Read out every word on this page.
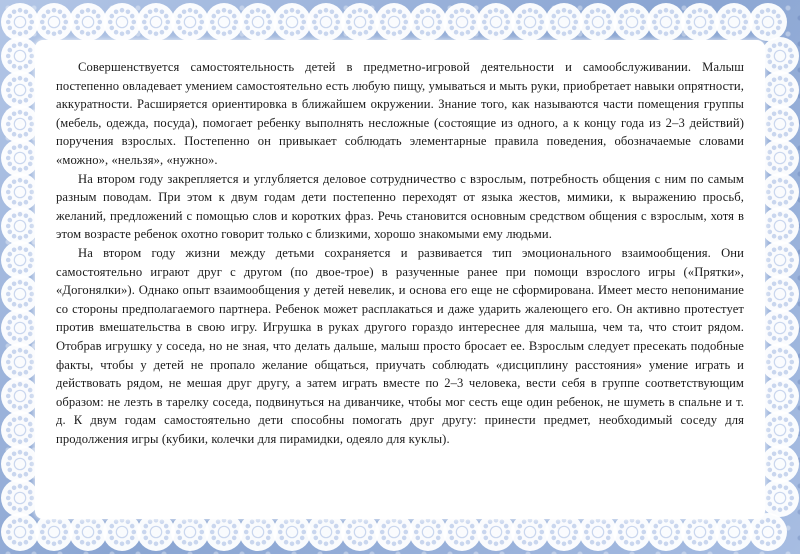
Совершенствуется самостоятельность детей в предметно-игровой деятельности и самообслуживании. Малыш постепенно овладевает умением самостоятельно есть любую пищу, умываться и мыть руки, приобретает навыки опрятности, аккуратности. Расширяется ориентировка в ближайшем окружении. Знание того, как называются части помещения группы (мебель, одежда, посуда), помогает ребенку выполнять несложные (состоящие из одного, а к концу года из 2–3 действий) поручения взрослых. Постепенно он привыкает соблюдать элементарные правила поведения, обозначаемые словами «можно», «нельзя», «нужно».

На втором году закрепляется и углубляется деловое сотрудничество с взрослым, потребность общения с ним по самым разным поводам. При этом к двум годам дети постепенно переходят от языка жестов, мимики, к выражению просьб, желаний, предложений с помощью слов и коротких фраз. Речь становится основным средством общения с взрослым, хотя в этом возрасте ребенок охотно говорит только с близкими, хорошо знакомыми ему людьми.

На втором году жизни между детьми сохраняется и развивается тип эмоционального взаимообщения. Они самостоятельно играют друг с другом (по двое-трое) в разученные ранее при помощи взрослого игры («Прятки», «Догонялки»). Однако опыт взаимообщения у детей невелик, и основа его еще не сформирована. Имеет место непонимание со стороны предполагаемого партнера. Ребенок может расплакаться и даже ударить жалеющего его. Он активно протестует против вмешательства в свою игру. Игрушка в руках другого гораздо интереснее для малыша, чем та, что стоит рядом. Отобрав игрушку у соседа, но не зная, что делать дальше, малыш просто бросает ее. Взрослым следует пресекать подобные факты, чтобы у детей не пропало желание общаться, приучать соблюдать «дисциплину расстояния» умение играть и действовать рядом, не мешая друг другу, а затем играть вместе по 2–3 человека, вести себя в группе соответствующим образом: не лезть в тарелку соседа, подвинуться на диванчике, чтобы мог сесть еще один ребенок, не шуметь в спальне и т. д. К двум годам самостоятельно дети способны помогать друг другу: принести предмет, необходимый соседу для продолжения игры (кубики, колечки для пирамидки, одеяло для куклы).
